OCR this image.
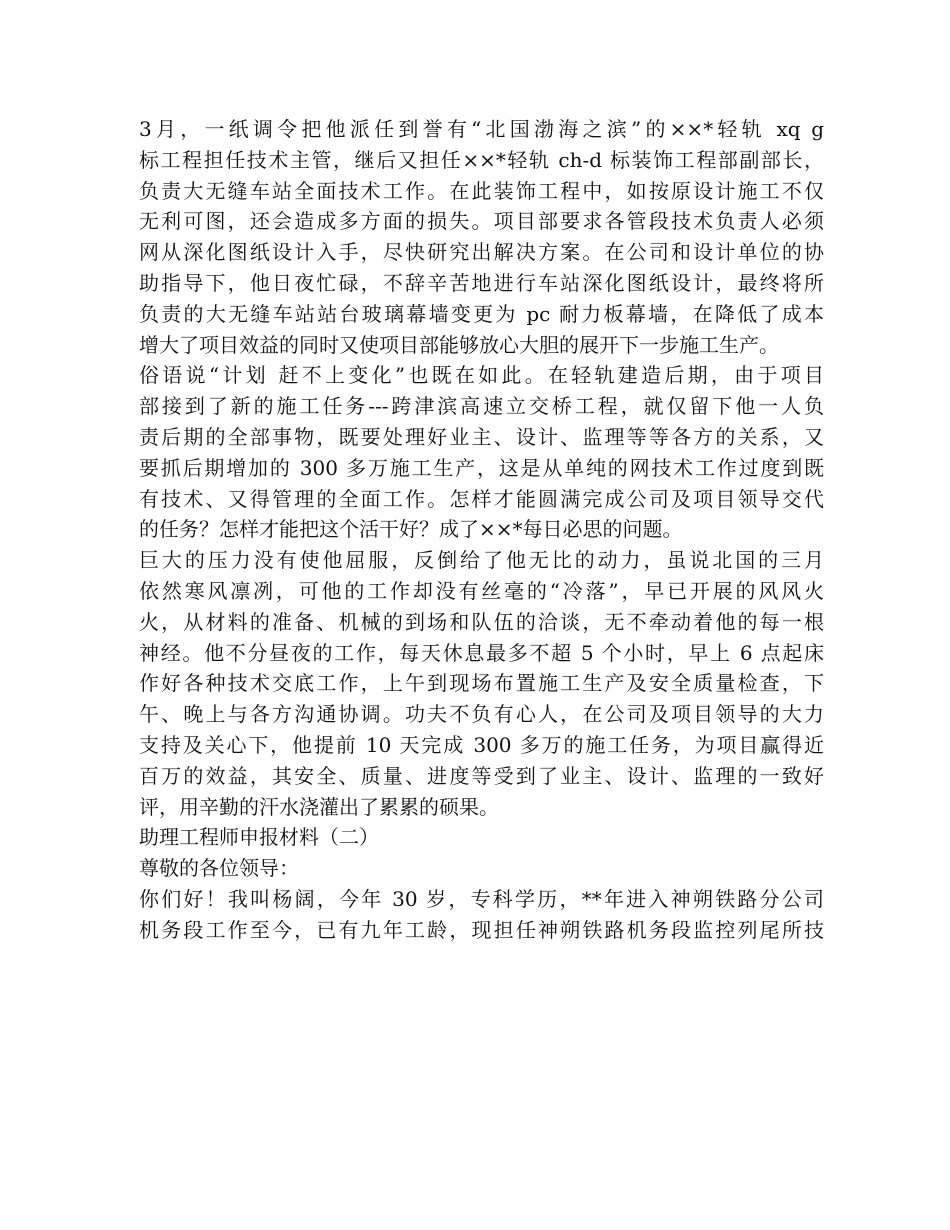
3月，一纸调令把他派任到誉有“北国渤海之滨”的××*轻轨 xq g
标工程担任技术主管，继后又担任××*轻轨 ch-d 标装饰工程部副部长，
负责大无缝车站全面技术工作。在此装饰工程中，如按原设计施工不仅
无利可图，还会造成多方面的损失。项目部要求各管段技术负责人必须
网从深化图纸设计入手，尽快研究出解决方案。在公司和设计单位的协
助指导下，他日夜忙碌，不辞辛苦地进行车站深化图纸设计，最终将所
负责的大无缝车站站台玻璃幕墙变更为 pc 耐力板幕墙，在降低了成本
增大了项目效益的同时又使项目部能够放心大胆的展开下一步施工生产。
俗语说“计划 赶不上变化”也既在如此。在轻轨建造后期，由于项目
部接到了新的施工任务---跨津滨高速立交桥工程，就仅留下他一人负
责后期的全部事物，既要处理好业主、设计、监理等等各方的关系，又
要抓后期增加的 300 多万施工生产，这是从单纯的网技术工作过度到既
有技术、又得管理的全面工作。怎样才能圆满完成公司及项目领导交代
的任务？怎样才能把这个活干好？成了××*每日必思的问题。
巨大的压力没有使他屈服，反倒给了他无比的动力，虽说北国的三月
依然寒风凛冽，可他的工作却没有丝毫的“冷落”，早已开展的风风火
火，从材料的准备、机械的到场和队伍的洽谈，无不牵动着他的每一根
神经。他不分昼夜的工作，每天休息最多不超 5 个小时，早上 6 点起床
作好各种技术交底工作，上午到现场布置施工生产及安全质量检查，下
午、晚上与各方沟通协调。功夫不负有心人，在公司及项目领导的大力
支持及关心下，他提前 10 天完成 300 多万的施工任务，为项目赢得近
百万的效益，其安全、质量、进度等受到了业主、设计、监理的一致好
评，用辛勤的汗水浇灌出了累累的硕果。
助理工程师申报材料（二）
尊敬的各位领导：
你们好！我叫杨阔，今年 30 岁，专科学历，**年进入神朔铁路分公司
机务段工作至今，已有九年工龄，现担任神朔铁路机务段监控列尾所技
